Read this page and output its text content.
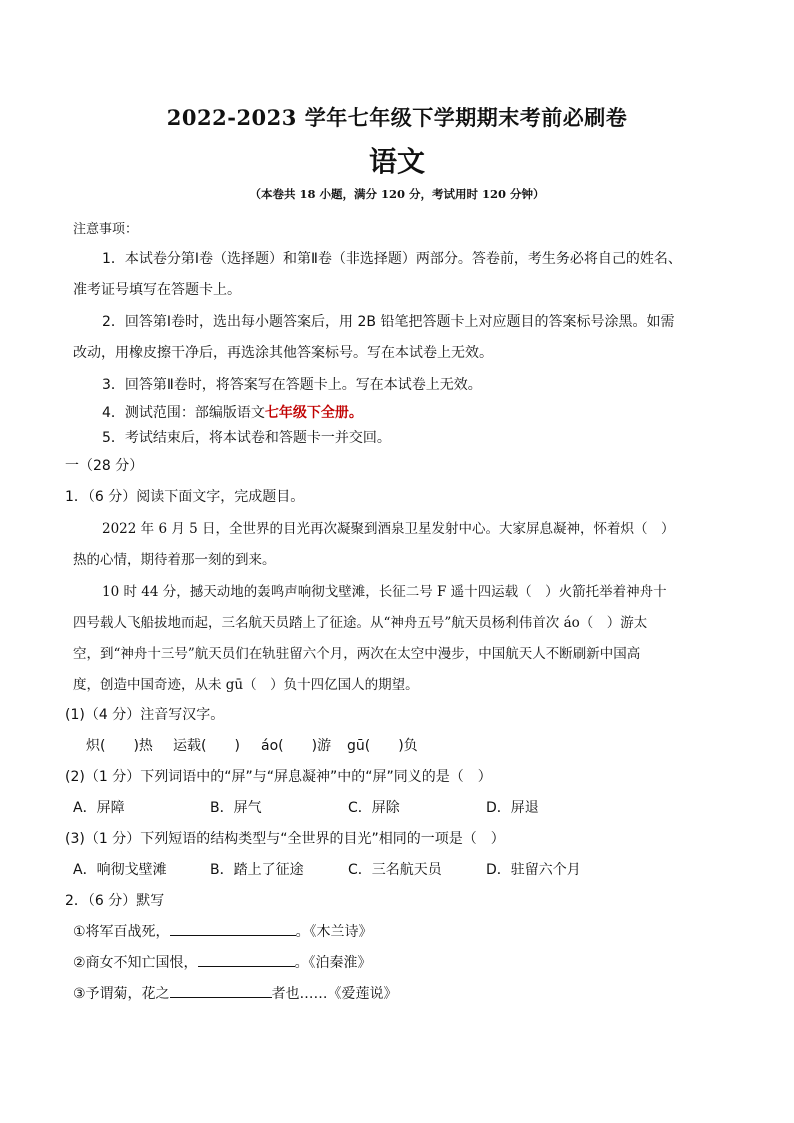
2022-2023 学年七年级下学期期末考前必刷卷
语文
（本卷共 18 小题，满分 120 分，考试用时 120 分钟）
注意事项：
1．本试卷分第Ⅰ卷（选择题）和第Ⅱ卷（非选择题）两部分。答卷前，考生务必将自己的姓名、
准考证号填写在答题卡上。
2．回答第Ⅰ卷时，选出每小题答案后，用 2B 铅笔把答题卡上对应题目的答案标号涂黑。如需
改动，用橡皮擦干净后，再选涂其他答案标号。写在本试卷上无效。
3．回答第Ⅱ卷时，将答案写在答题卡上。写在本试卷上无效。
4．测试范围：部编版语文七年级下全册。
5．考试结束后，将本试卷和答题卡一并交回。
一（28 分）
1．（6 分）阅读下面文字，完成题目。
2022 年 6 月 5 日，全世界的目光再次凝聚到酒泉卫星发射中心。大家屏息凝神，怀着炽（　）
热的心情，期待着那一刻的到来。
10 时 44 分，撼天动地的轰鸣声响彻戈壁滩，长征二号 F 遥十四运载（　）火箭托举着神舟十
四号载人飞船拔地而起，三名航天员踏上了征途。从“神舟五号”航天员杨利伟首次 áo（　）游太
空，到“神舟十三号”航天员们在轨驻留六个月，两次在太空中漫步，中国航天人不断刷新中国高
度，创造中国奇迹，从未 gū（　）负十四亿国人的期望。
(1)（4 分）注音写汉字。
炽(　　)热 运载(　　) áo(　　)游 gū(　　)负
(2)（1 分）下列词语中的“屏”与“屏息凝神”中的“屏”同义的是（　）
A．屏障	B．屏气	C．屏除	D．屏退
(3)（1 分）下列短语的结构类型与“全世界的目光”相同的一项是（　）
A．响彻戈壁滩	B．踏上了征途	C．三名航天员	D．驻留六个月
2．（6 分）默写
①将军百战死，	。《木兰诗》
②商女不知亡国恨，	。《泊秦淮》
③予谓菊，花之	者也……《爱莲说》
